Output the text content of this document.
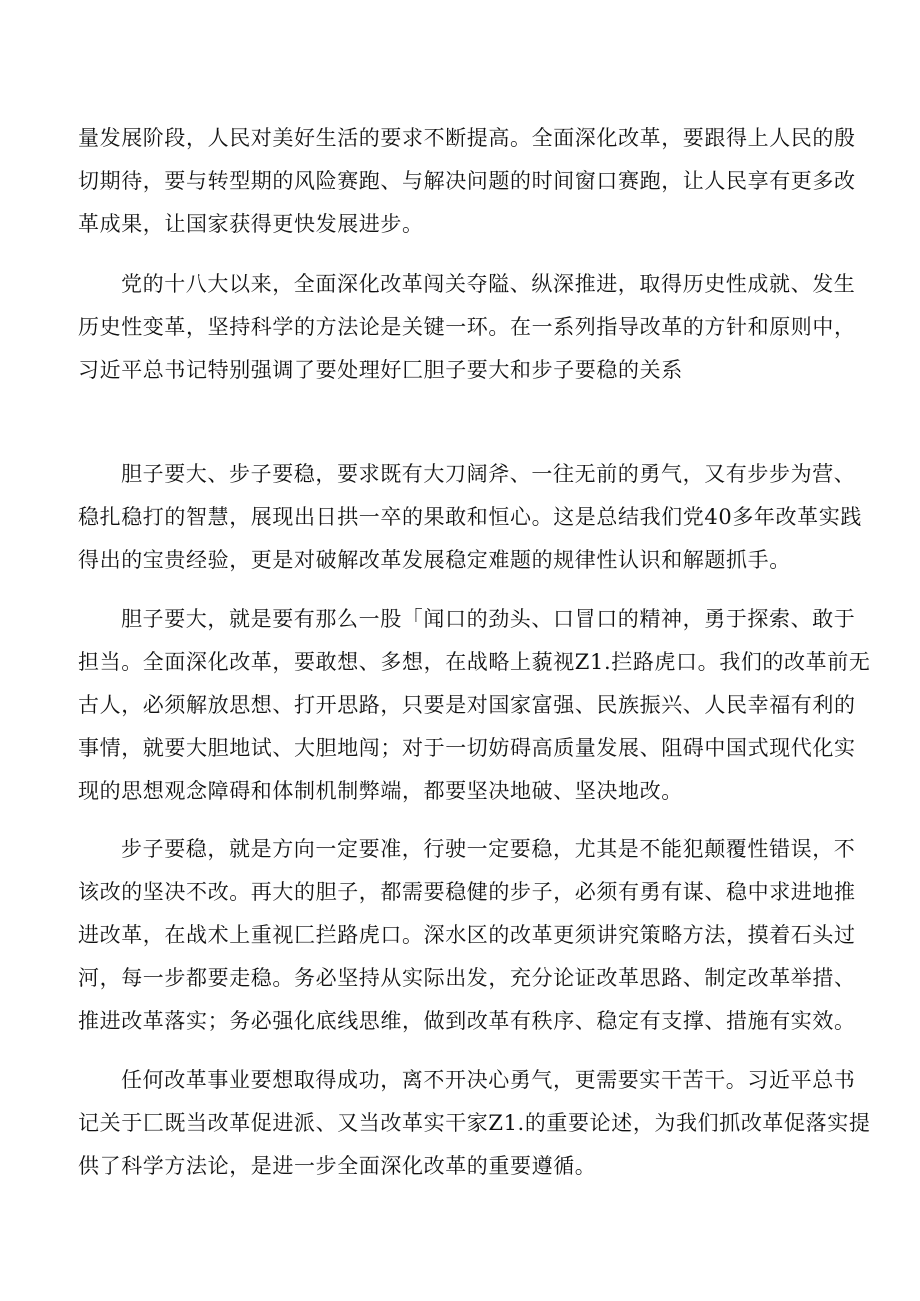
量发展阶段，人民对美好生活的要求不断提高。全面深化改革，要跟得上人民的殷
切期待，要与转型期的风险赛跑、与解决问题的时间窗口赛跑，让人民享有更多改
革成果，让国家获得更快发展进步。
党的十八大以来，全面深化改革闯关夺隘、纵深推进，取得历史性成就、发生
历史性变革，坚持科学的方法论是关键一环。在一系列指导改革的方针和原则中，
习近平总书记特别强调了要处理好匚胆子要大和步子要稳的关系
胆子要大、步子要稳，要求既有大刀阔斧、一往无前的勇气，又有步步为营、
稳扎稳打的智慧，展现出日拱一卒的果敢和恒心。这是总结我们党40多年改革实践
得出的宝贵经验，更是对破解改革发展稳定难题的规律性认识和解题抓手。
胆子要大，就是要有那么一股「闻口的劲头、口冒口的精神，勇于探索、敢于
担当。全面深化改革，要敢想、多想，在战略上藐视Z1.拦路虎口。我们的改革前无
古人，必须解放思想、打开思路，只要是对国家富强、民族振兴、人民幸福有利的
事情，就要大胆地试、大胆地闯；对于一切妨碍高质量发展、阻碍中国式现代化实
现的思想观念障碍和体制机制弊端，都要坚决地破、坚决地改。
步子要稳，就是方向一定要准，行驶一定要稳，尤其是不能犯颠覆性错误，不
该改的坚决不改。再大的胆子，都需要稳健的步子，必须有勇有谋、稳中求进地推
进改革，在战术上重视匚拦路虎口。深水区的改革更须讲究策略方法，摸着石头过
河，每一步都要走稳。务必坚持从实际出发，充分论证改革思路、制定改革举措、
推进改革落实；务必强化底线思维，做到改革有秩序、稳定有支撑、措施有实效。
任何改革事业要想取得成功，离不开决心勇气，更需要实干苦干。习近平总书
记关于匚既当改革促进派、又当改革实干家Z1.的重要论述，为我们抓改革促落实提
供了科学方法论，是进一步全面深化改革的重要遵循。
